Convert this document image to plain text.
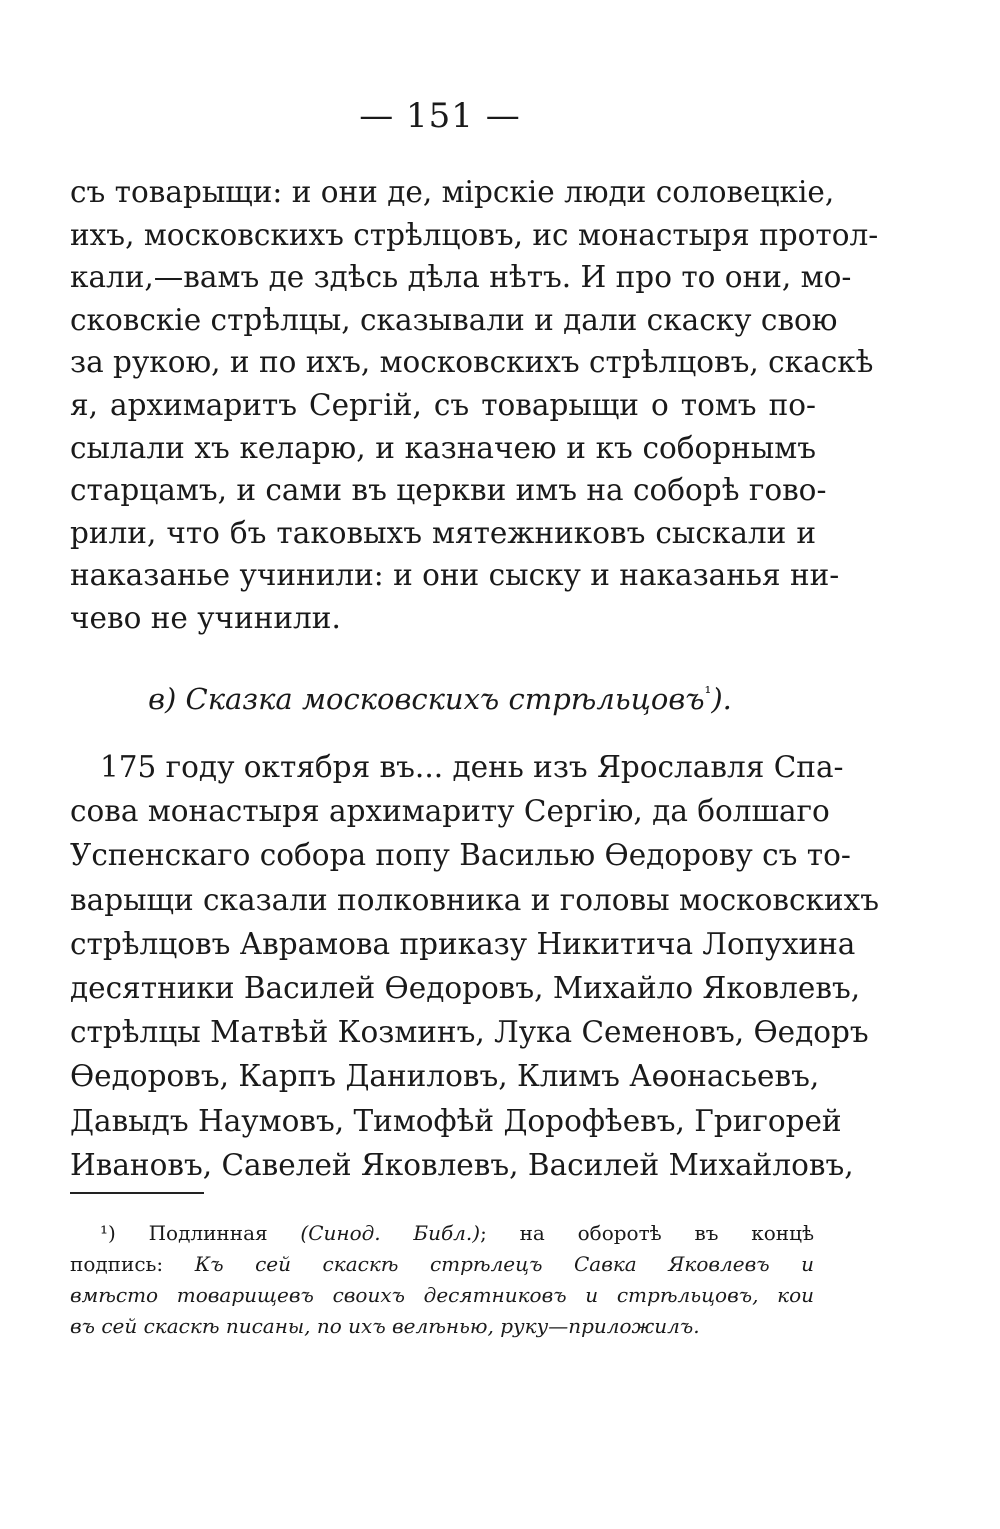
— 151 —
съ товарыщи: и они де, мірскіе люди соловецкіе,
ихъ, московскихъ стрѣлцовъ, ис монастыря протол-
кали,—вамъ де здѣсь дѣла нѣтъ. И про то они, мо-
сковскіе стрѣлцы, сказывали и дали скаску свою
за рукою, и по ихъ, московскихъ стрѣлцовъ, скаскѣ
я, архимаритъ Сергій, съ товарыщи о томъ по-
сылали хъ келарю, и казначею и къ соборнымъ
старцамъ, и сами въ церкви имъ на соборѣ гово-
рили, что бъ таковыхъ мятежниковъ сыскали и
наказанье учинили: и они сыску и наказанья ни-
чево не учинили.
в) Сказка московскихъ стрѣльцовъ$^{^1}$).
175 году октября въ... день изъ Ярославля Спа-
сова монастыря архимариту Сергію, да болшаго
Успенскаго собора попу Василью Өедорову съ то-
варыщи сказали полковника и головы московскихъ
стрѣлцовъ Аврамова приказу Никитича Лопухина
десятники Василей Өедоровъ, Михайло Яковлевъ,
стрѣлцы Матвѣй Козминъ, Лука Семеновъ, Өедоръ
Өедоровъ, Карпъ Даниловъ, Климъ Аөонасьевъ,
Давыдъ Наумовъ, Тимофѣй Дорофѣевъ, Григорей
Ивановъ, Савелей Яковлевъ, Василей Михайловъ,
¹) Подлинная (Синод. Библ.); на оборотѣ въ концѣ
подпись: Къ сей скаскѣ стрѣлецъ Савка Яковлевъ и
вмѣсто товарищевъ своихъ десятниковъ и стрѣльцовъ, кои
въ сей скаскѣ писаны, по ихъ велѣнью, руку—приложилъ.
